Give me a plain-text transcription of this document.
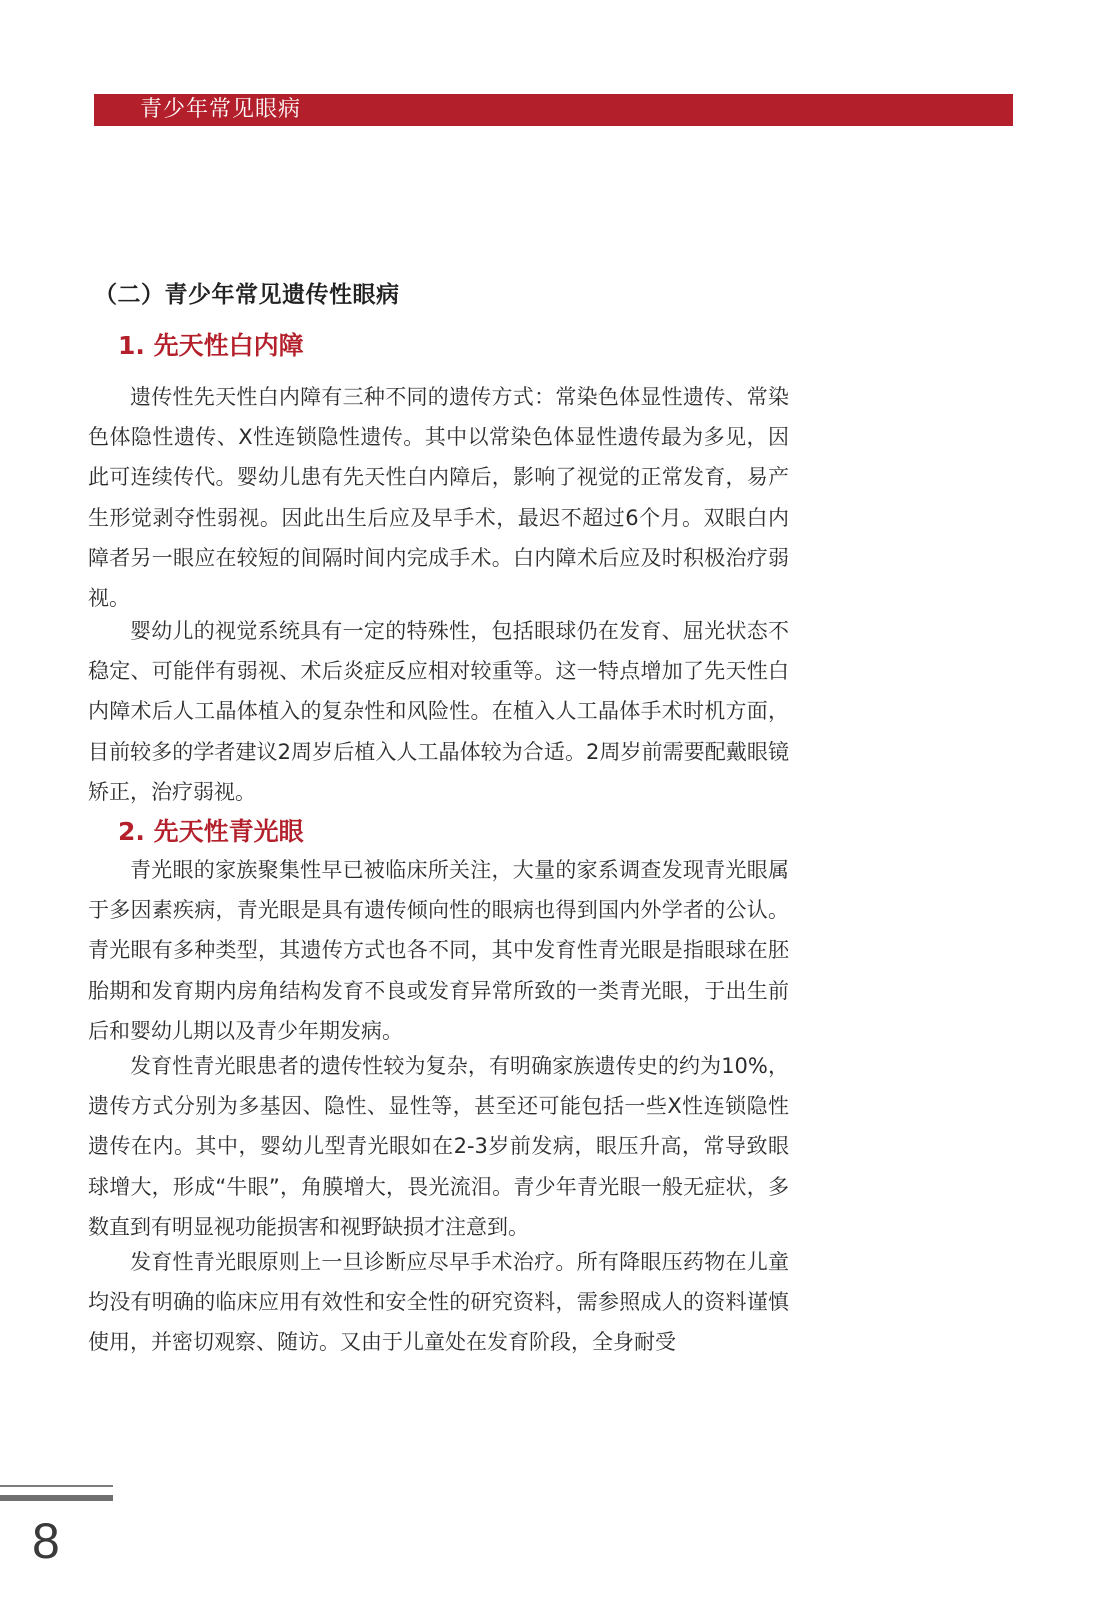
青少年常见眼病
（二）青少年常见遗传性眼病
1. 先天性白内障

遗传性先天性白内障有三种不同的遗传方式：常染色体显性遗传、常染色体隐性遗传、X性连锁隐性遗传。其中以常染色体显性遗传最为多见，因此可连续传代。婴幼儿患有先天性白内障后，影响了视觉的正常发育，易产生形觉剥夺性弱视。因此出生后应及早手术，最迟不超过6个月。双眼白内障者另一眼应在较短的间隔时间内完成手术。白内障术后应及时积极治疗弱视。

婴幼儿的视觉系统具有一定的特殊性，包括眼球仍在发育、屈光状态不稳定、可能伴有弱视、术后炎症反应相对较重等。这一特点增加了先天性白内障术后人工晶体植入的复杂性和风险性。在植入人工晶体手术时机方面，目前较多的学者建议2周岁后植入人工晶体较为合适。2周岁前需要配戴眼镜矫正，治疗弱视。

2. 先天性青光眼

青光眼的家族聚集性早已被临床所关注，大量的家系调查发现青光眼属于多因素疾病，青光眼是具有遗传倾向性的眼病也得到国内外学者的公认。青光眼有多种类型，其遗传方式也各不同，其中发育性青光眼是指眼球在胚胎期和发育期内房角结构发育不良或发育异常所致的一类青光眼，于出生前后和婴幼儿期以及青少年期发病。

发育性青光眼患者的遗传性较为复杂，有明确家族遗传史的约为10%，遗传方式分别为多基因、隐性、显性等，甚至还可能包括一些X性连锁隐性遗传在内。其中，婴幼儿型青光眼如在2-3岁前发病，眼压升高，常导致眼球增大，形成“牛眼”，角膜增大，畏光流泪。青少年青光眼一般无症状，多数直到有明显视功能损害和视野缺损才注意到。

发育性青光眼原则上一旦诊断应尽早手术治疗。所有降眼压药物在儿童均没有明确的临床应用有效性和安全性的研究资料，需参照成人的资料谨慎使用，并密切观察、随访。又由于儿童处在发育阶段，全身耐受

8
